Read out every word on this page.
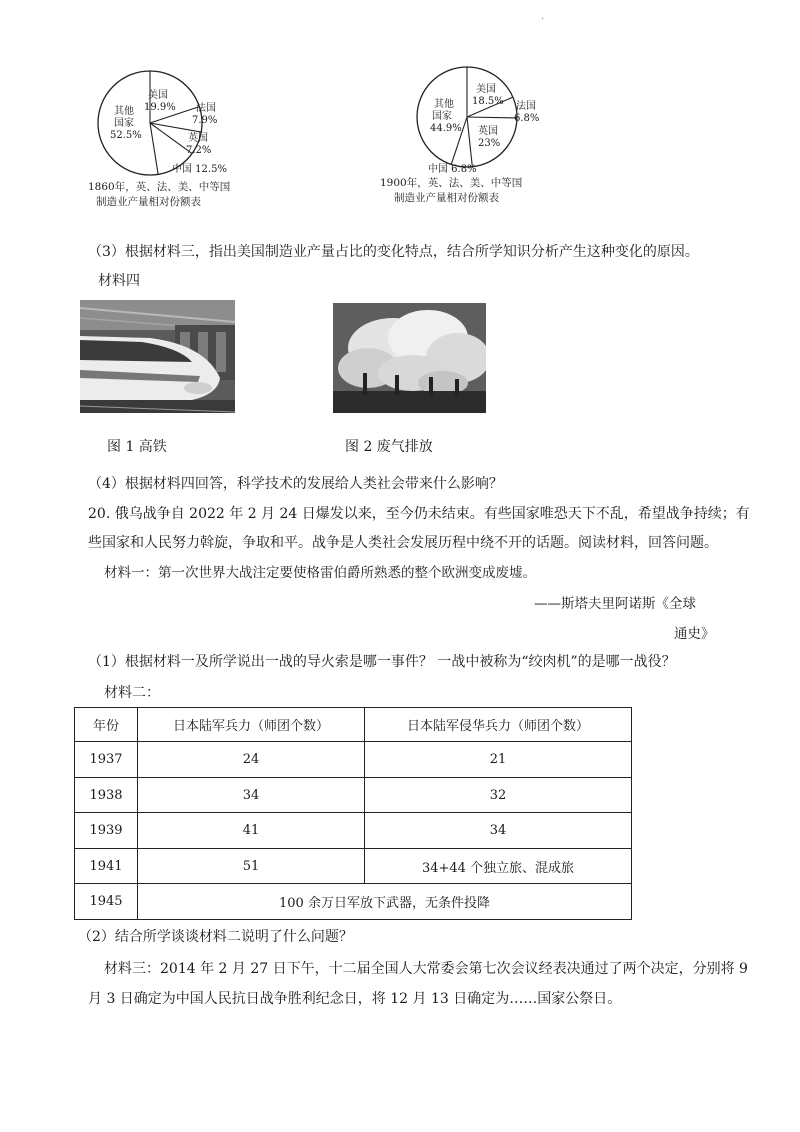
.
美国
19.9% 法国
7.9%
英国
7.2%
中国 12.5%
其他
国家
52.5%
1860年，英、法、美、中等国
制造业产量相对份额表
美国
18.5% 法国
6.8%
英国
23%
中国 6.8%
其他
国家
44.9%
1900年，英、法、美、中等国
制造业产量相对份额表
（3）根据材料三，指出美国制造业产量占比的变化特点，结合所学知识分析产生这种变化的原因。
材料四
图 1 高铁	图 2 废气排放
（4）根据材料四回答，科学技术的发展给人类社会带来什么影响？
20. 俄乌战争自 2022 年 2 月 24 日爆发以来，至今仍未结束。有些国家唯恐天下不乱，希望战争持续；有
些国家和人民努力斡旋，争取和平。战争是人类社会发展历程中绕不开的话题。阅读材料，回答问题。
材料一：第一次世界大战注定要使格雷伯爵所熟悉的整个欧洲变成废墟。
——斯塔夫里阿诺斯《全球
通史》
（1）根据材料一及所学说出一战的导火索是哪一事件？ 一战中被称为“绞肉机”的是哪一战役？
材料二：
年份	日本陆军兵力（师团个数）	日本陆军侵华兵力（师团个数）
1937	24	21
1938	34	32
1939	41	34
1941	51	34+44 个独立旅、混成旅
1945	100 余万日军放下武器，无条件投降	
（2）结合所学谈谈材料二说明了什么问题？
材料三：2014 年 2 月 27 日下午，十二届全国人大常委会第七次会议经表决通过了两个决定，分别将 9
月 3 日确定为中国人民抗日战争胜利纪念日，将 12 月 13 日确定为……国家公祭日。
